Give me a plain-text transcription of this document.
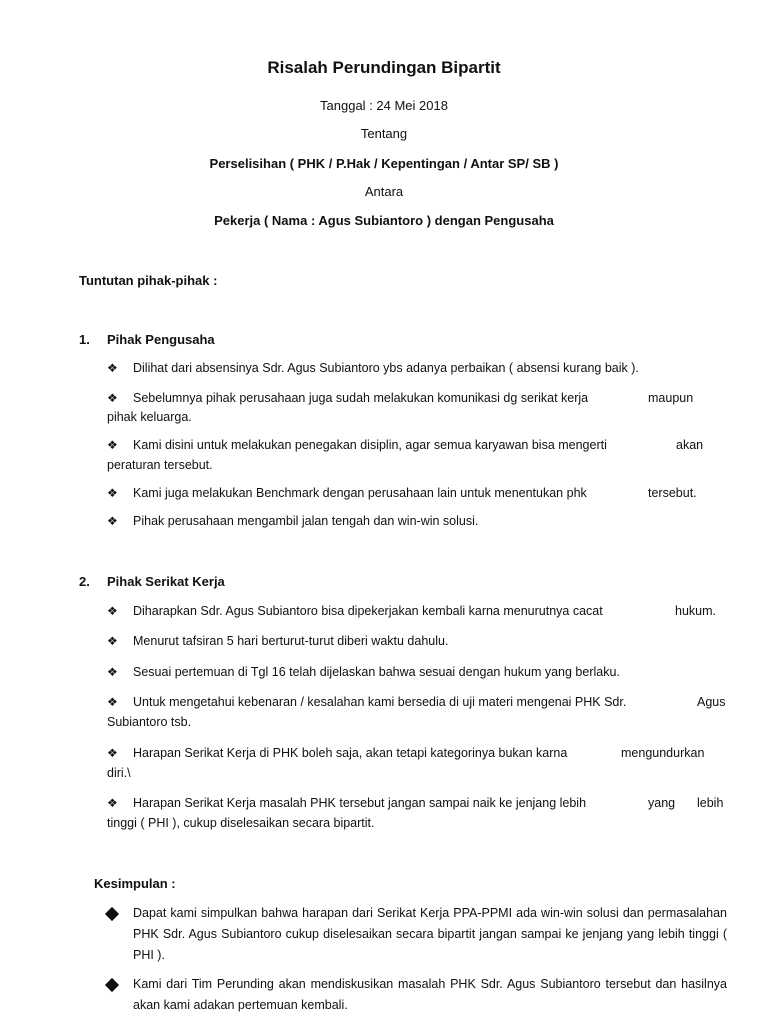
Risalah Perundingan Bipartit
Tanggal : 24 Mei 2018
Tentang
Perselisihan ( PHK / P.Hak / Kepentingan / Antar SP/ SB )
Antara
Pekerja ( Nama : Agus Subiantoro ) dengan Pengusaha
Tuntutan pihak-pihak :
1. Pihak Pengusaha
❖ Dilihat dari absensinya Sdr. Agus Subiantoro ybs adanya perbaikan ( absensi kurang baik ).
❖ Sebelumnya pihak perusahaan juga sudah melakukan komunikasi dg serikat kerja	maupun
pihak keluarga.
❖ Kami disini untuk melakukan penegakan disiplin, agar semua karyawan bisa mengerti	akan
peraturan tersebut.
❖ Kami juga melakukan Benchmark dengan perusahaan lain untuk menentukan phk	tersebut.
❖ Pihak perusahaan mengambil jalan tengah dan win-win solusi.
2. Pihak Serikat Kerja
❖ Diharapkan Sdr. Agus Subiantoro bisa dipekerjakan kembali karna menurutnya cacat	hukum.
❖ Menurut tafsiran 5 hari berturut-turut diberi waktu dahulu.
❖ Sesuai pertemuan di Tgl 16 telah dijelaskan bahwa sesuai dengan hukum yang berlaku.
❖ Untuk mengetahui kebenaran / kesalahan kami bersedia di uji materi mengenai PHK Sdr.	Agus
Subiantoro tsb.
❖ Harapan Serikat Kerja di PHK boleh saja, akan tetapi kategorinya bukan karna	mengundurkan
diri.\
❖ Harapan Serikat Kerja masalah PHK tersebut jangan sampai naik ke jenjang lebih	yang lebih
tinggi ( PHI ), cukup diselesaikan secara bipartit.
Kesimpulan :
Dapat kami simpulkan bahwa harapan dari Serikat Kerja PPA-PPMI ada win-win solusi dan permasalahan PHK Sdr. Agus Subiantoro cukup diselesaikan secara bipartit jangan sampai ke jenjang yang lebih tinggi ( PHI ).
Kami dari Tim Perunding akan mendiskusikan masalah PHK Sdr. Agus Subiantoro tersebut dan hasilnya akan kami adakan pertemuan kembali.
